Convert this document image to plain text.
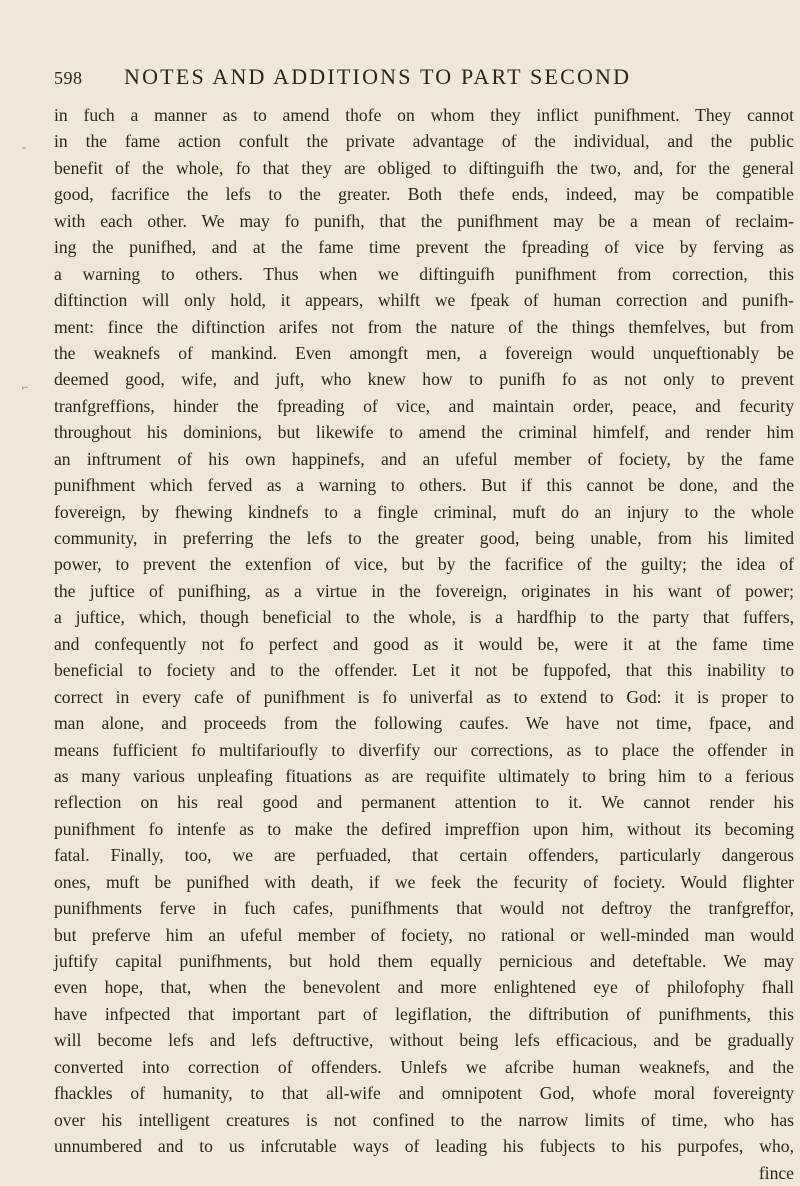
598 NOTES AND ADDITIONS TO PART SECOND
-
⌐
in fuch a manner as to amend thofe on whom they inflict punifhment. They cannot
in the fame action confult the private advantage of the individual, and the public
benefit of the whole, fo that they are obliged to diftinguifh the two, and, for the general
good, facrifice the lefs to the greater. Both thefe ends, indeed, may be compatible
with each other. We may fo punifh, that the punifhment may be a mean of reclaim-
ing the punifhed, and at the fame time prevent the fpreading of vice by ferving as
a warning to others. Thus when we diftinguifh punifhment from correction, this
diftinction will only hold, it appears, whilft we fpeak of human correction and punifh-
ment: fince the diftinction arifes not from the nature of the things themfelves, but from
the weaknefs of mankind. Even amongft men, a fovereign would unqueftionably be
deemed good, wife, and juft, who knew how to punifh fo as not only to prevent
tranfgreffions, hinder the fpreading of vice, and maintain order, peace, and fecurity
throughout his dominions, but likewife to amend the criminal himfelf, and render him
an inftrument of his own happinefs, and an ufeful member of fociety, by the fame
punifhment which ferved as a warning to others. But if this cannot be done, and the
fovereign, by fhewing kindnefs to a fingle criminal, muft do an injury to the whole
community, in preferring the lefs to the greater good, being unable, from his limited
power, to prevent the extenfion of vice, but by the facrifice of the guilty; the idea of
the juftice of punifhing, as a virtue in the fovereign, originates in his want of power;
a juftice, which, though beneficial to the whole, is a hardfhip to the party that fuffers,
and confequently not fo perfect and good as it would be, were it at the fame time
beneficial to fociety and to the offender. Let it not be fuppofed, that this inability to
correct in every cafe of punifhment is fo univerfal as to extend to God: it is proper to
man alone, and proceeds from the following caufes. We have not time, fpace, and
means fufficient fo multifarioufly to diverfify our corrections, as to place the offender in
as many various unpleafing fituations as are requifite ultimately to bring him to a ferious
reflection on his real good and permanent attention to it. We cannot render his
punifhment fo intenfe as to make the defired impreffion upon him, without its becoming
fatal. Finally, too, we are perfuaded, that certain offenders, particularly dangerous
ones, muft be punifhed with death, if we feek the fecurity of fociety. Would flighter
punifhments ferve in fuch cafes, punifhments that would not deftroy the tranfgreffor,
but preferve him an ufeful member of fociety, no rational or well-minded man would
juftify capital punifhments, but hold them equally pernicious and deteftable. We may
even hope, that, when the benevolent and more enlightened eye of philofophy fhall
have infpected that important part of legiflation, the diftribution of punifhments, this
will become lefs and lefs deftructive, without being lefs efficacious, and be gradually
converted into correction of offenders. Unlefs we afcribe human weaknefs, and the
fhackles of humanity, to that all-wife and omnipotent God, whofe moral fovereignty
over his intelligent creatures is not confined to the narrow limits of time, who has
unnumbered and to us infcrutable ways of leading his fubjects to his purpofes, who,
fince
